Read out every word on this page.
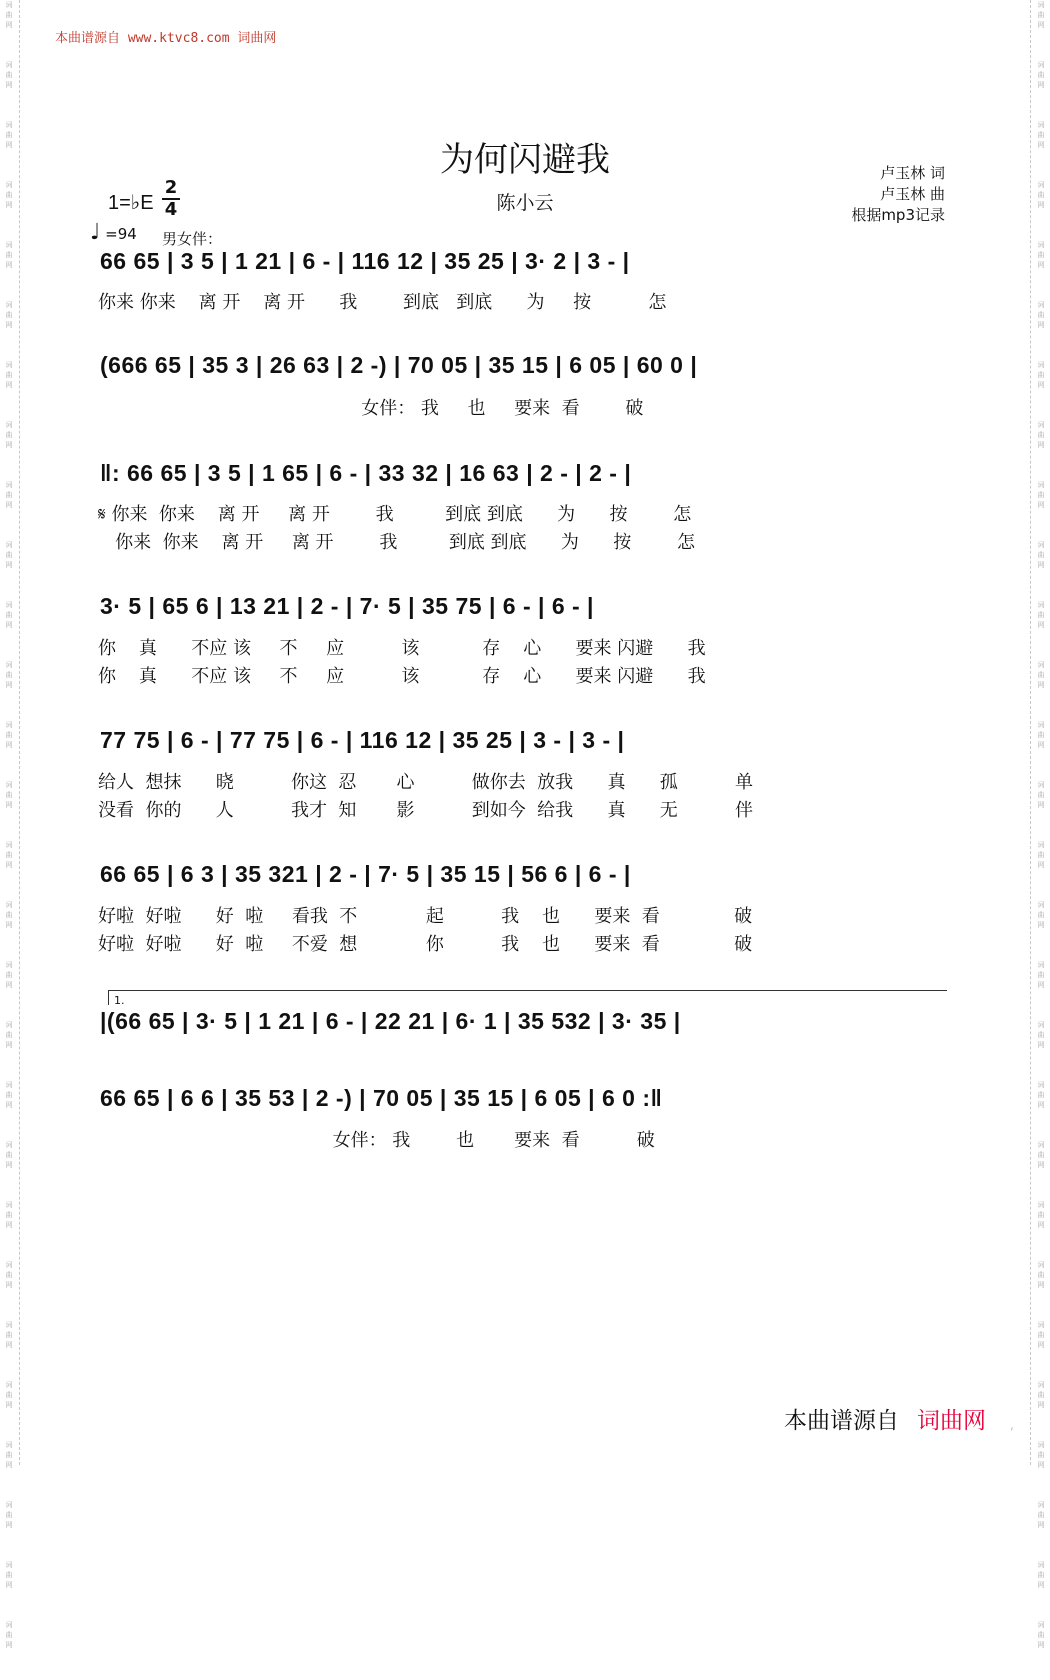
词
曲
网
词
曲
网
词
曲
网
词
曲
网
词
曲
网
词
曲
网
词
曲
网
词
曲
网
词
曲
网
词
曲
网
词
曲
网
词
曲
网
词
曲
网
词
曲
网
词
曲
网
词
曲
网
词
曲
网
词
曲
网
词
曲
网
词
曲
网
词
曲
网
词
曲
网
词
曲
网
词
曲
网
词
曲
网
词
曲
网
词
曲
网
词
曲
网
词
曲
网
词
曲
网
词
曲
网
词
曲
网
词
曲
网
词
曲
网
词
曲
网
词
曲
网
词
曲
网
词
曲
网
词
曲
网
词
曲
网
词
曲
网
词
曲
网
词
曲
网
词
曲
网
词
曲
网
词
曲
网
词
曲
网
词
曲
网
词
曲
网
词
曲
网
词
曲
网
词
曲
网
词
曲
网
词
曲
网
词
曲
网
词
曲
网
本曲谱源自 www.ktvc8.com 词曲网
为何闪避我
陈小云
卢玉林 词
卢玉林 曲
根据mp3记录
1=♭E
2
4
♩ =94 男女伴：
1.
66 65 | 3 5 | 1 21 | 6 - | 116 12 | 35 25 | 3· 2 | 3 - |
你来 你来    离 开    离 开      我        到底   到底      为     按          怎
(666 65 | 35 3 | 26 63 | 2 -) | 70 05 | 35 15 | 6 05 | 60 0 |
女伴： 我     也     要来  看        破
‖: 66 65 | 3 5 | 1 65 | 6 - | 33 32 | 16 63 | 2 - | 2 - |
𝄋 你来  你来    离 开     离 开        我         到底 到底      为      按        怎
你来  你来    离 开     离 开        我         到底 到底      为      按        怎
3· 5 | 65 6 | 13 21 | 2 - | 7· 5 | 35 75 | 6 - | 6 - |
你    真      不应 该     不     应          该           存    心      要来 闪避      我
你    真      不应 该     不     应          该           存    心      要来 闪避      我
77 75 | 6 - | 77 75 | 6 - | 116 12 | 35 25 | 3 - | 3 - |
给人  想抹      晓          你这  忍       心          做你去  放我      真      孤          单
没看  你的      人          我才  知       影          到如今  给我      真      无          伴
66 65 | 6 3 | 35 321 | 2 - | 7· 5 | 35 15 | 56 6 | 6 - |
好啦  好啦      好  啦     看我  不            起          我    也      要来  看             破
好啦  好啦      好  啦     不爱  想            你          我    也      要来  看             破
|(66 65 | 3· 5 | 1 21 | 6 - | 22 21 | 6· 1 | 35 532 | 3· 35 |
66 65 | 6 6 | 35 53 | 2 -) | 70 05 | 35 15 | 6 05 | 6 0 :‖
女伴： 我        也       要来  看          破
本曲谱源自 词曲网 ,
